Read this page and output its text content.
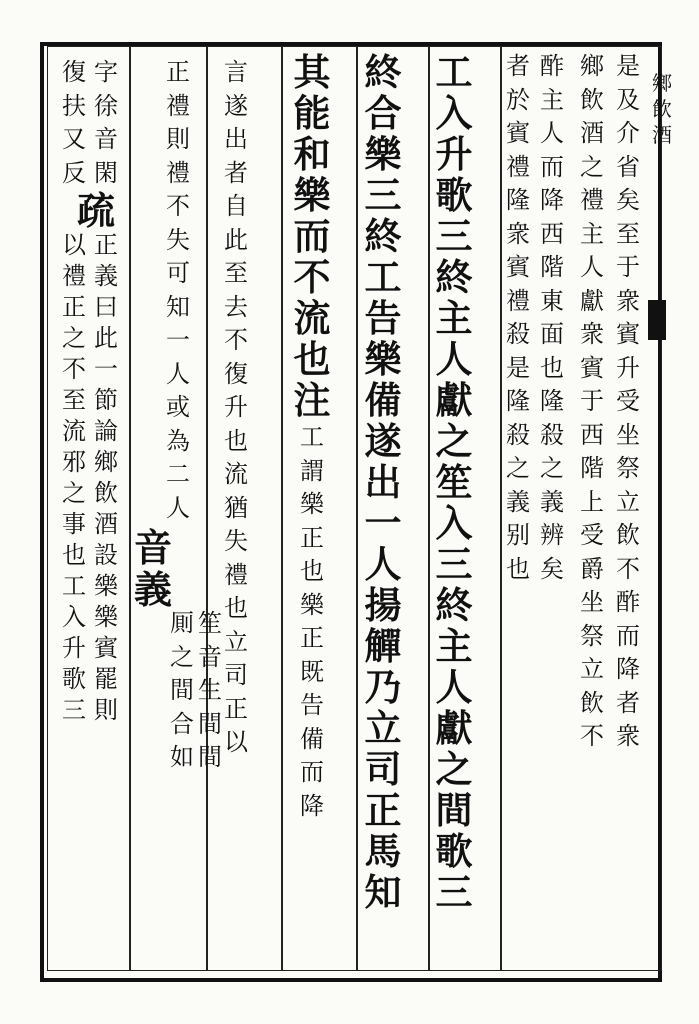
鄉飲酒
是
及
介
省
矣
至
于
衆
賓
升
受
坐
祭
立
飲
不
酢
而
降
者
衆
鄉
飲
酒
之
禮
主
人
獻
衆
賓
于
西
階
上
受
爵
坐
祭
立
飲
不
酢
主
人
而
降
西
階
東
面
也
隆
殺
之
義
辨
矣
者
於
賓
禮
隆
衆
賓
禮
殺
是
隆
殺
之
義
别
也
工
入
升
歌
三
終
主
人
獻
之
笙
入
三
終
主
人
獻
之
間
歌
三
終
合
樂
三
終
工
告
樂
備
遂
出
一
人
揚
觶
乃
立
司
正
馬
知
其
能
和
樂
而
不
流
也
注
工
謂
樂
正
也
樂
正
既
告
備
而
降
言
遂
出
者
自
此
至
去
不
復
升
也
流
猶
失
禮
也
立
司
正
以
正
禮
則
禮
不
失
可
知
一
人
或
為
二
人
音
義
笙
音
生
間
間
厠
之
間
合
如
字
徐
音
閑
復
扶
又
反
疏
正
義
曰
此
一
節
論
鄉
飲
酒
設
樂
樂
賓
罷
則
以
禮
正
之
不
至
流
邪
之
事
也
工
入
升
歌
三
